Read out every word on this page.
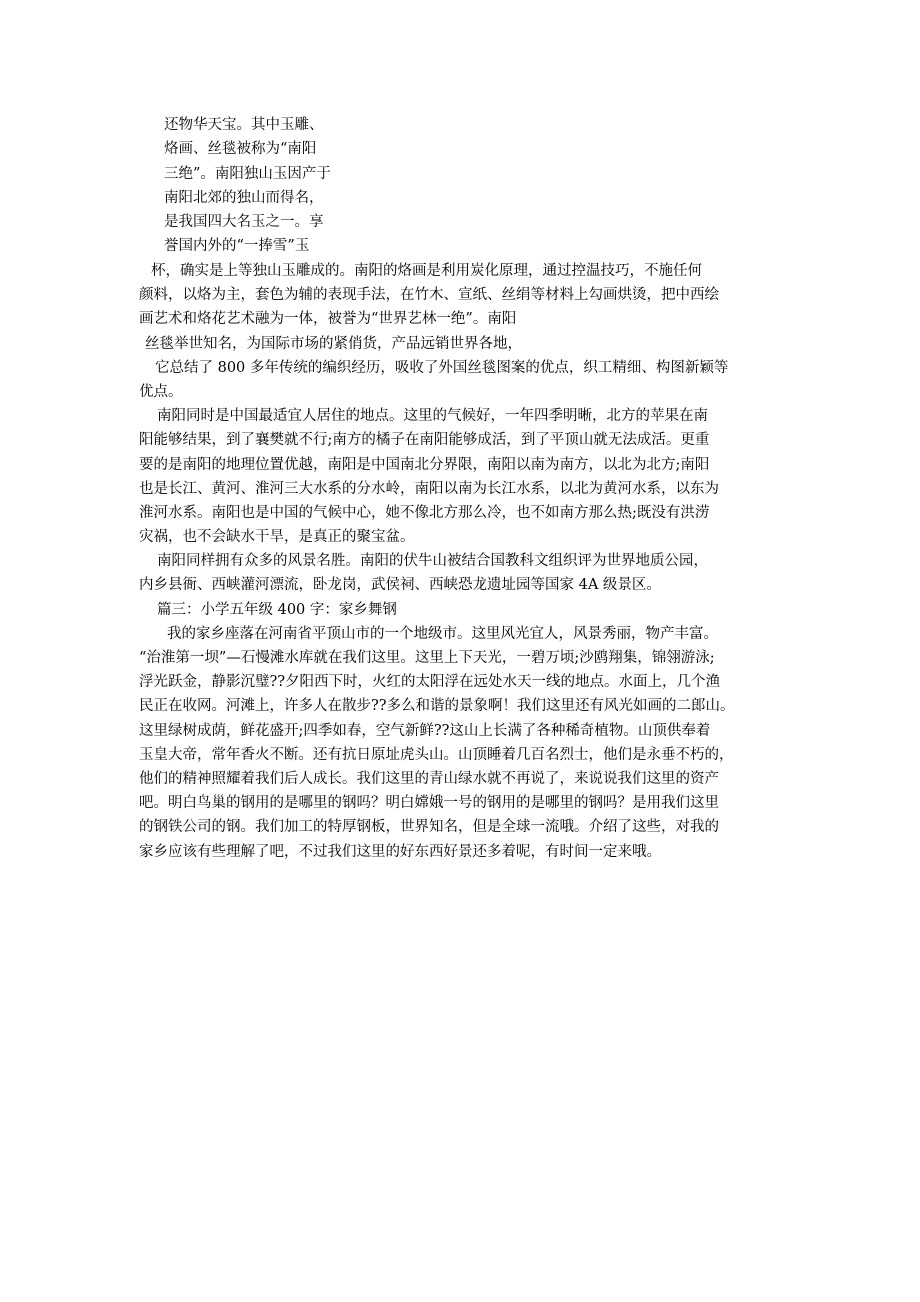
还物华天宝。其中玉雕、
烙画、丝毯被称为“南阳
三绝”。南阳独山玉因产于
南阳北郊的独山而得名，
是我国四大名玉之一。享
誉国内外的“一捧雪”玉
杯，确实是上等独山玉雕成的。南阳的烙画是利用炭化原理，通过控温技巧，不施任何
颜料，以烙为主，套色为辅的表现手法，在竹木、宣纸、丝绢等材料上勾画烘烫，把中西绘
画艺术和烙花艺术融为一体，被誉为“世界艺林一绝”。南阳
丝毯举世知名，为国际市场的紧俏货，产品远销世界各地，
它总结了 800 多年传统的编织经历，吸收了外国丝毯图案的优点，织工精细、构图新颖等
优点。
南阳同时是中国最适宜人居住的地点。这里的气候好，一年四季明晰，北方的苹果在南
阳能够结果，到了襄樊就不行;南方的橘子在南阳能够成活，到了平顶山就无法成活。更重
要的是南阳的地理位置优越，南阳是中国南北分界限，南阳以南为南方，以北为北方;南阳
也是长江、黄河、淮河三大水系的分水岭，南阳以南为长江水系，以北为黄河水系，以东为
淮河水系。南阳也是中国的气候中心，她不像北方那么冷，也不如南方那么热;既没有洪涝
灾祸，也不会缺水干旱，是真正的聚宝盆。
南阳同样拥有众多的风景名胜。南阳的伏牛山被结合国教科文组织评为世界地质公园，
内乡县衙、西峡灌河漂流，卧龙岗，武侯祠、西峡恐龙遗址园等国家 4A 级景区。
篇三：小学五年级 400 字：家乡舞钢
我的家乡座落在河南省平顶山市的一个地级市。这里风光宜人，风景秀丽，物产丰富。
“治淮第一坝”—石慢滩水库就在我们这里。这里上下天光，一碧万顷;沙鸥翔集，锦翎游泳;
浮光跃金，静影沉璧??夕阳西下时，火红的太阳浮在远处水天一线的地点。水面上，几个渔
民正在收网。河滩上，许多人在散步??多么和谐的景象啊！我们这里还有风光如画的二郎山。
这里绿树成荫，鲜花盛开;四季如春，空气新鲜??这山上长满了各种稀奇植物。山顶供奉着
玉皇大帝，常年香火不断。还有抗日原址虎头山。山顶睡着几百名烈士，他们是永垂不朽的，
他们的精神照耀着我们后人成长。我们这里的青山绿水就不再说了，来说说我们这里的资产
吧。明白鸟巢的钢用的是哪里的钢吗？明白嫦娥一号的钢用的是哪里的钢吗？是用我们这里
的钢铁公司的钢。我们加工的特厚钢板，世界知名，但是全球一流哦。介绍了这些，对我的
家乡应该有些理解了吧，不过我们这里的好东西好景还多着呢，有时间一定来哦。
